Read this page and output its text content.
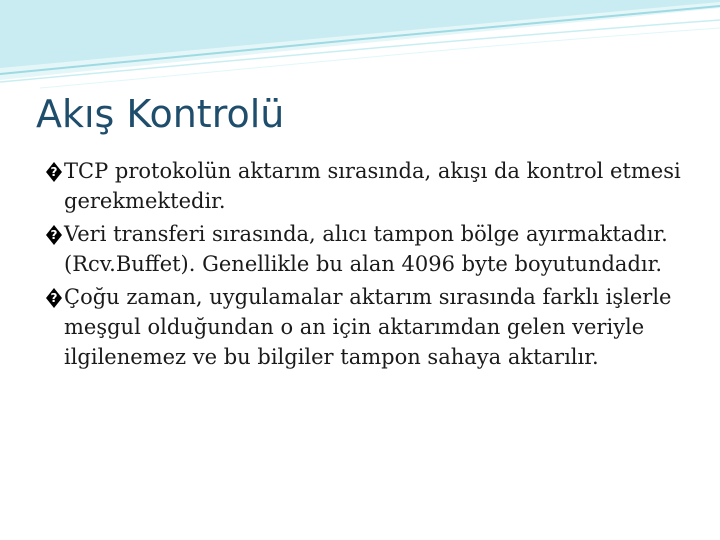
Akış Kontrolü
?
TCP protokolün aktarım sırasında, akışı da kontrol etmesi gerekmektedir.
?
Veri transferi sırasında, alıcı tampon bölge ayırmaktadır. (Rcv.Buffet). Genellikle bu alan 4096 byte boyutundadır.
?
Çoğu zaman, uygulamalar aktarım sırasında farklı işlerle meşgul olduğundan o an için aktarımdan gelen veriyle ilgilenemez ve bu bilgiler tampon sahaya aktarılır.
